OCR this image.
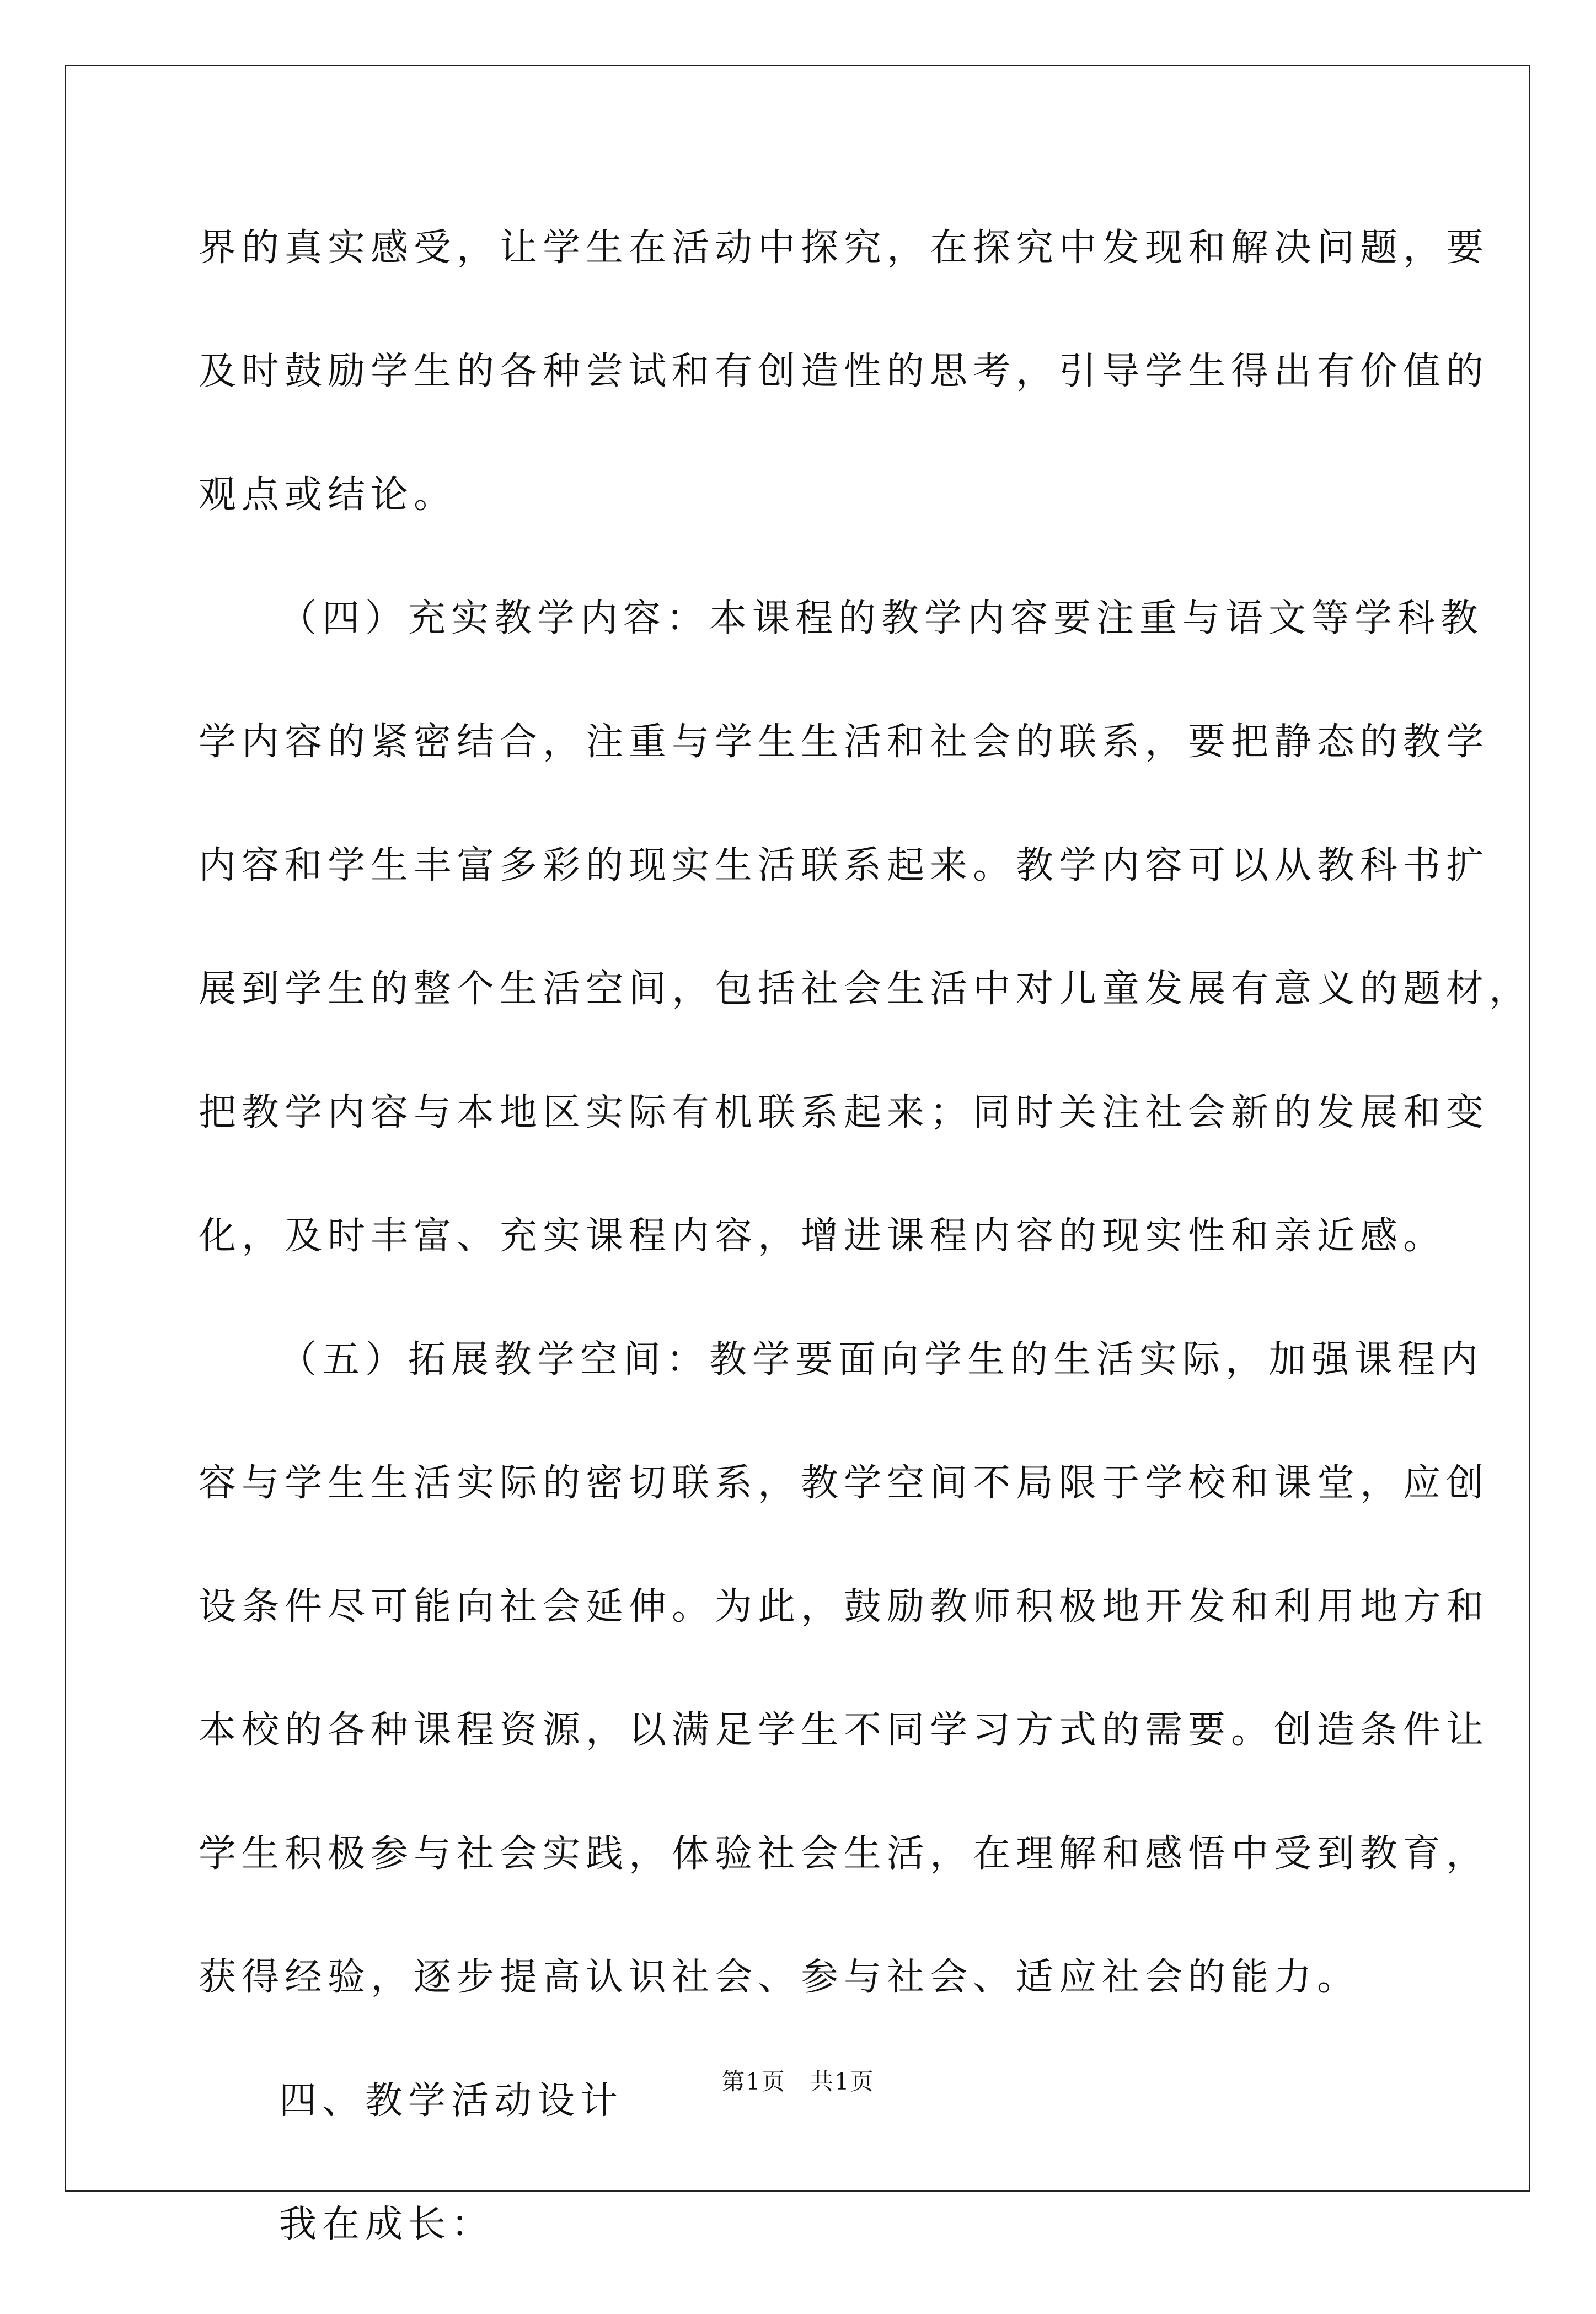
界的真实感受，让学生在活动中探究，在探究中发现和解决问题，要
及时鼓励学生的各种尝试和有创造性的思考，引导学生得出有价值的
观点或结论。
（四）充实教学内容：本课程的教学内容要注重与语文等学科教
学内容的紧密结合，注重与学生生活和社会的联系，要把静态的教学
内容和学生丰富多彩的现实生活联系起来。教学内容可以从教科书扩
展到学生的整个生活空间，包括社会生活中对儿童发展有意义的题材，
把教学内容与本地区实际有机联系起来；同时关注社会新的发展和变
化，及时丰富、充实课程内容，增进课程内容的现实性和亲近感。
（五）拓展教学空间：教学要面向学生的生活实际，加强课程内
容与学生生活实际的密切联系，教学空间不局限于学校和课堂，应创
设条件尽可能向社会延伸。为此，鼓励教师积极地开发和利用地方和
本校的各种课程资源，以满足学生不同学习方式的需要。创造条件让
学生积极参与社会实践，体验社会生活，在理解和感悟中受到教育，
获得经验，逐步提高认识社会、参与社会、适应社会的能力。
四、教学活动设计
我在成长：
第1页　共1页
